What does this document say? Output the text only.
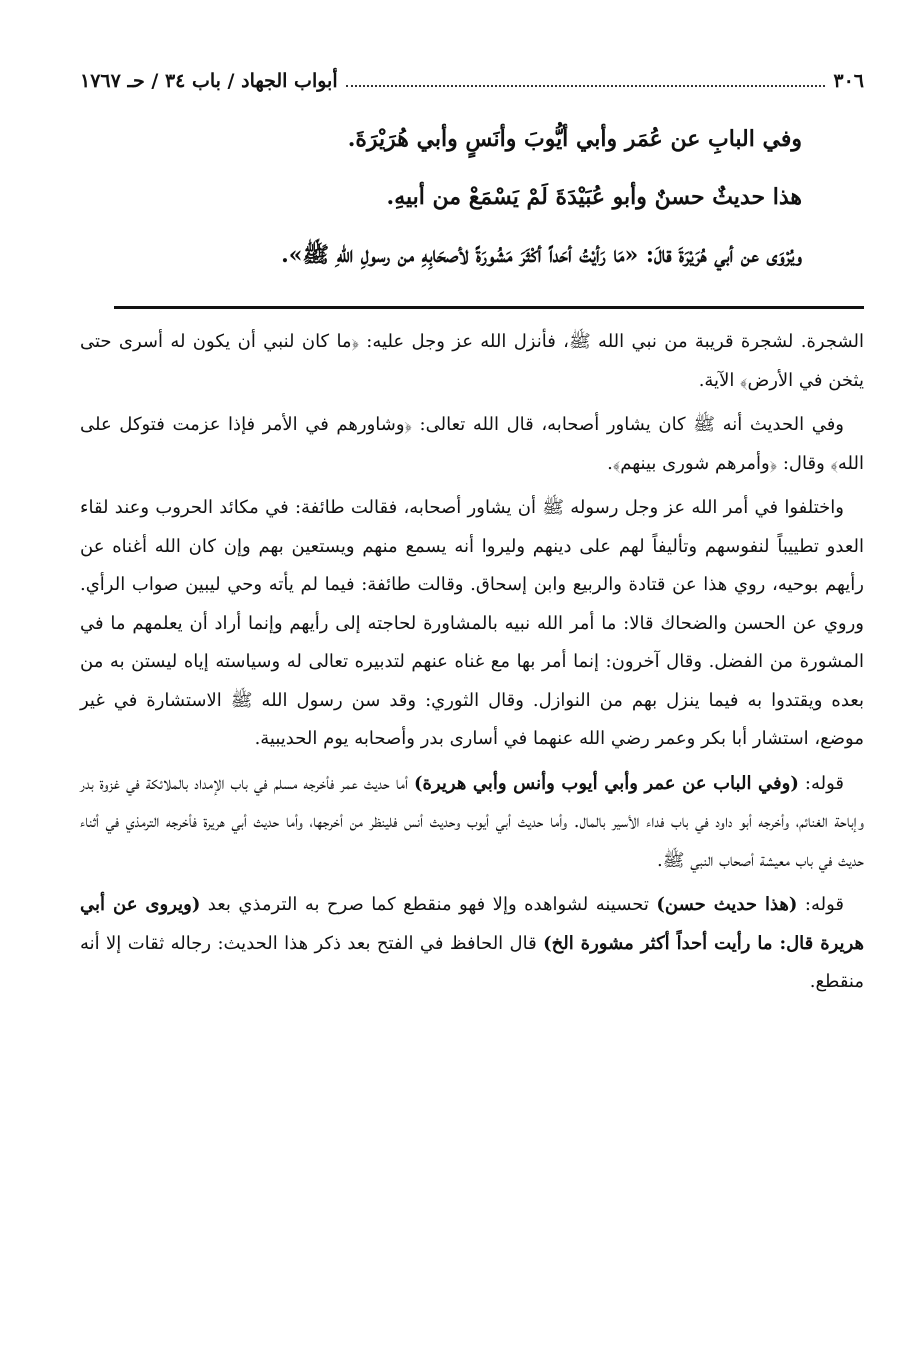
٣٠٦
أبواب الجهاد / باب ٣٤ / حـ ١٧٦٧

وفي البابِ عن عُمَر وأبي أيُّوبَ وأنَسٍ وأبي هُرَيْرَةَ.

هذا حديثٌ حسنٌ وأبو عُبَيْدَةَ لَمْ يَسْمَعْ من أبيهِ.

ويُرْوَى عن أبي هُرَيْرَةَ قالَ: «مَا رَأيْتُ أحَداً أكْثَرَ مَشُورَةً لأصحَابِهِ من رسولِ اللهِ ﷺ».

الشجرة. لشجرة قريبة من نبي الله ﷺ، فأنزل الله عز وجل عليه: ﴿ما كان لنبي أن يكون له أسرى حتى يثخن في الأرض﴾ الآية.

وفي الحديث أنه ﷺ كان يشاور أصحابه، قال الله تعالى: ﴿وشاورهم في الأمر فإذا عزمت فتوكل على الله﴾ وقال: ﴿وأمرهم شورى بينهم﴾.

واختلفوا في أمر الله عز وجل رسوله ﷺ أن يشاور أصحابه، فقالت طائفة: في مكائد الحروب وعند لقاء العدو تطييباً لنفوسهم وتأليفاً لهم على دينهم وليروا أنه يسمع منهم ويستعين بهم وإن كان الله أغناه عن رأيهم بوحيه، روي هذا عن قتادة والربيع وابن إسحاق. وقالت طائفة: فيما لم يأته وحي ليبين صواب الرأي. وروي عن الحسن والضحاك قالا: ما أمر الله نبيه بالمشاورة لحاجته إلى رأيهم وإنما أراد أن يعلمهم ما في المشورة من الفضل. وقال آخرون: إنما أمر بها مع غناه عنهم لتدبيره تعالى له وسياسته إياه ليستن به من بعده ويقتدوا به فيما ينزل بهم من النوازل. وقال الثوري: وقد سن رسول الله ﷺ الاستشارة في غير موضع، استشار أبا بكر وعمر رضي الله عنهما في أسارى بدر وأصحابه يوم الحديبية.

قوله: (وفي الباب عن عمر وأبي أيوب وأنس وأبي هريرة) أما حديث عمر فأخرجه مسلم في باب الإمداد بالملائكة في غزوة بدر وإباحة الغنائم، وأخرجه أبو داود في باب فداء الأسير بالمال. وأما حديث أبي أيوب وحديث أنس فلينظر من أخرجها، وأما حديث أبي هريرة فأخرجه الترمذي في أثناء حديث في باب معيشة أصحاب النبي ﷺ.

قوله: (هذا حديث حسن) تحسينه لشواهده وإلا فهو منقطع كما صرح به الترمذي بعد (ويروى عن أبي هريرة قال: ما رأيت أحداً أكثر مشورة الخ) قال الحافظ في الفتح بعد ذكر هذا الحديث: رجاله ثقات إلا أنه منقطع.
